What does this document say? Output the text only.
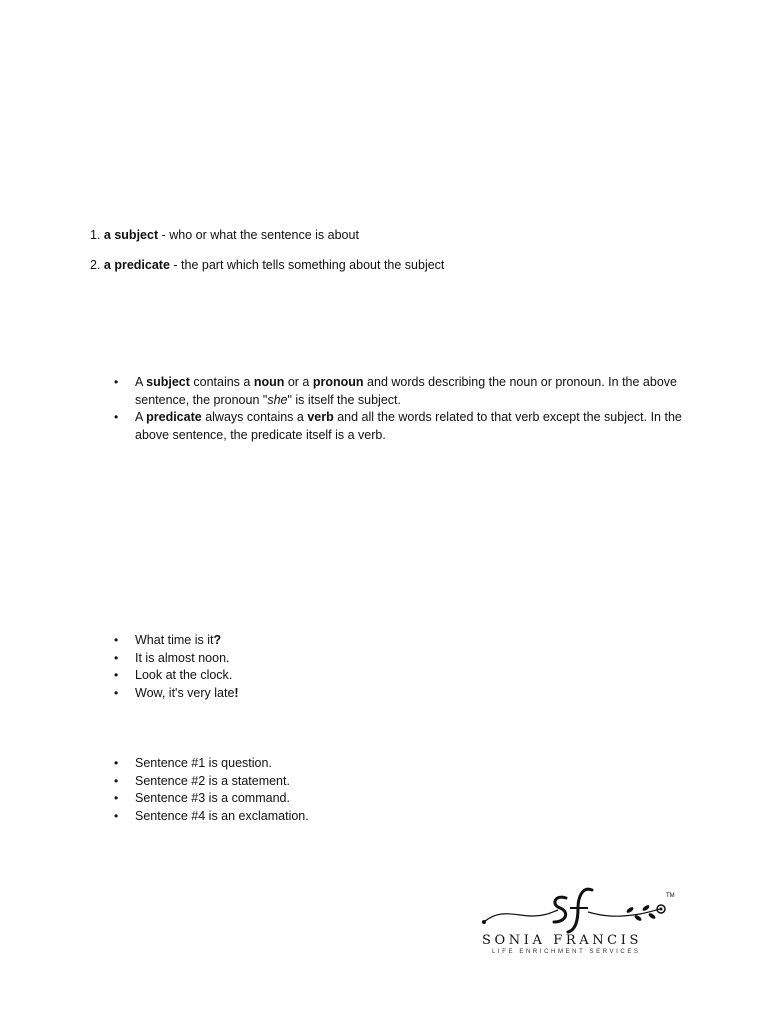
1. a subject - who or what the sentence is about
2. a predicate - the part which tells something about the subject
• A subject contains a noun or a pronoun and words describing the noun or pronoun. In the above sentence, the pronoun "she" is itself the subject.
• A predicate always contains a verb and all the words related to that verb except the subject. In the above sentence, the predicate itself is a verb.
• What time is it?
• It is almost noon.
• Look at the clock.
• Wow, it's very late!
• Sentence #1 is question.
• Sentence #2 is a statement.
• Sentence #3 is a command.
• Sentence #4 is an exclamation.
TM
SONIA FRANCIS
LIFE ENRICHMENT SERVICES
